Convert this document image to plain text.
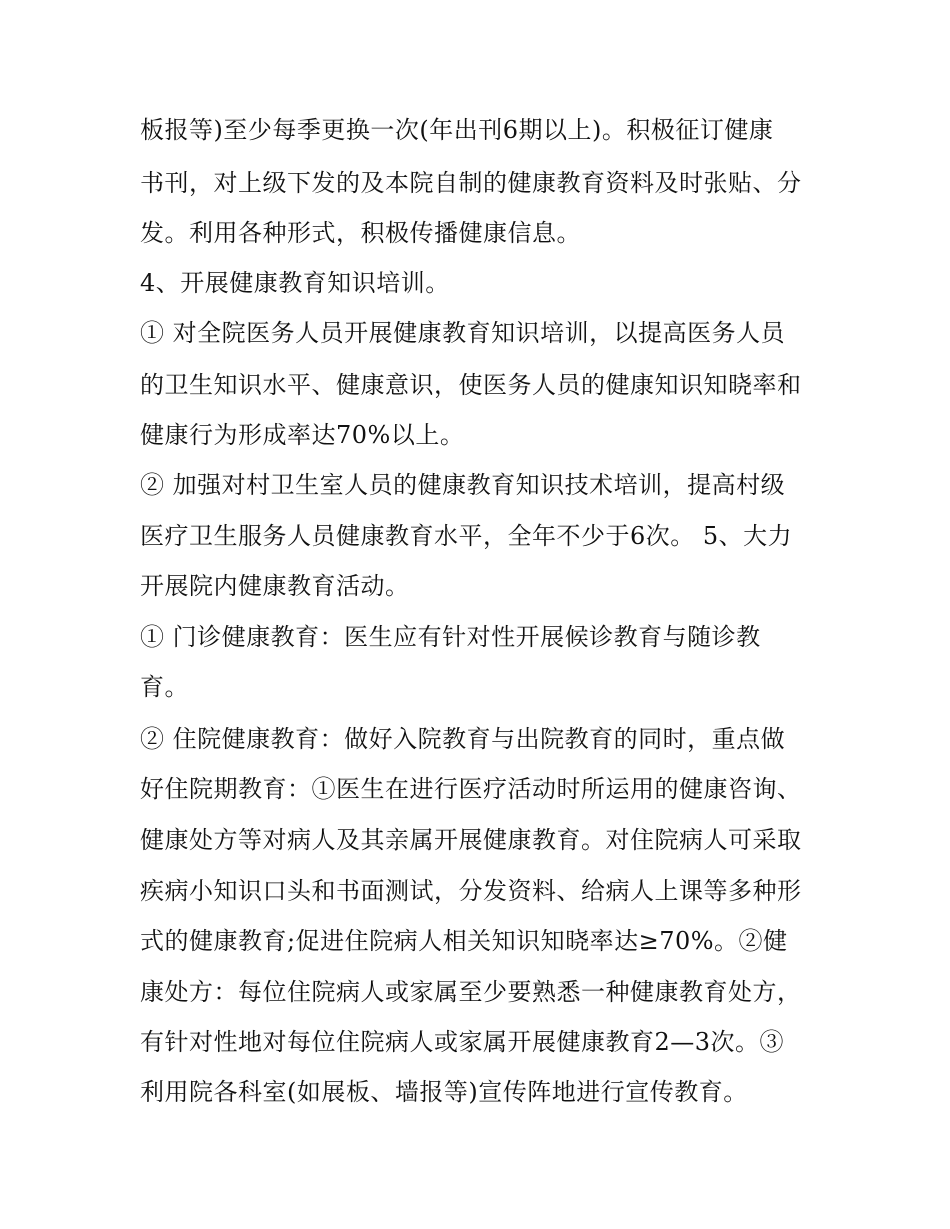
板报等)至少每季更换一次(年出刊6期以上)。积极征订健康

书刊，对上级下发的及本院自制的健康教育资料及时张贴、分

发。利用各种形式，积极传播健康信息。

4、开展健康教育知识培训。

① 对全院医务人员开展健康教育知识培训，以提高医务人员

的卫生知识水平、健康意识，使医务人员的健康知识知晓率和

健康行为形成率达70%以上。

② 加强对村卫生室人员的健康教育知识技术培训，提高村级

医疗卫生服务人员健康教育水平，全年不少于6次。 5、大力

开展院内健康教育活动。

① 门诊健康教育：医生应有针对性开展候诊教育与随诊教

育。

② 住院健康教育：做好入院教育与出院教育的同时，重点做

好住院期教育：①医生在进行医疗活动时所运用的健康咨询、

健康处方等对病人及其亲属开展健康教育。对住院病人可采取

疾病小知识口头和书面测试，分发资料、给病人上课等多种形

式的健康教育;促进住院病人相关知识知晓率达≥70%。②健

康处方：每位住院病人或家属至少要熟悉一种健康教育处方，

有针对性地对每位住院病人或家属开展健康教育2—3次。③

利用院各科室(如展板、墙报等)宣传阵地进行宣传教育。
